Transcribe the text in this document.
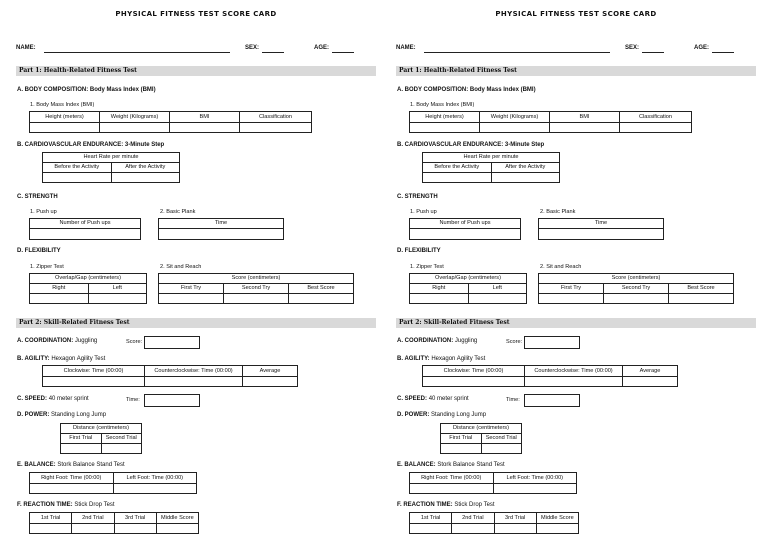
PHYSICAL FITNESS TEST SCORE CARD
NAME:	SEX:	AGE:
Part 1: Health-Related Fitness Test
A. BODY COMPOSITION: Body Mass Index (BMI)
1. Body Mass Index (BMI)
Height (meters)	Weight (Kilograms)	BMI	Classification

B. CARDIOVASCULAR ENDURANCE: 3-Minute Step
Heart Rate per minute	
Before the Activity	After the Activity

C. STRENGTH
1. Push up
Number of Push ups

2. Basic Plank
Time

D. FLEXIBILITY
1. Zipper Test
Overlap/Gap (centimeters)	
Right	Left

2. Sit and Reach
Score (centimeters)		
First Try	Second Try	Best Score

Part 2: Skill-Related Fitness Test
A. COORDINATION: Juggling	Score:
B. AGILITY: Hexagon Agility Test
Clockwise: Time (00:00)	Counterclockwise: Time (00:00)	Average

C. SPEED: 40 meter sprint	Time:
D. POWER: Standing Long Jump
Distance (centimeters)	
First Trial	Second Trial

E. BALANCE: Stork Balance Stand Test
Right Foot: Time (00:00)	Left Foot: Time (00:00)

F. REACTION TIME: Stick Drop Test
1st Trial	2nd Trial	3rd Trial	Middle Score

PHYSICAL FITNESS TEST SCORE CARD
NAME:	SEX:	AGE:
Part 1: Health-Related Fitness Test
A. BODY COMPOSITION: Body Mass Index (BMI)
1. Body Mass Index (BMI)
Height (meters)	Weight (Kilograms)	BMI	Classification

B. CARDIOVASCULAR ENDURANCE: 3-Minute Step
Heart Rate per minute	
Before the Activity	After the Activity

C. STRENGTH
1. Push up
Number of Push ups

2. Basic Plank
Time

D. FLEXIBILITY
1. Zipper Test
Overlap/Gap (centimeters)	
Right	Left

2. Sit and Reach
Score (centimeters)		
First Try	Second Try	Best Score

Part 2: Skill-Related Fitness Test
A. COORDINATION: Juggling	Score:
B. AGILITY: Hexagon Agility Test
Clockwise: Time (00:00)	Counterclockwise: Time (00:00)	Average

C. SPEED: 40 meter sprint	Time:
D. POWER: Standing Long Jump
Distance (centimeters)	
First Trial	Second Trial

E. BALANCE: Stork Balance Stand Test
Right Foot: Time (00:00)	Left Foot: Time (00:00)

F. REACTION TIME: Stick Drop Test
1st Trial	2nd Trial	3rd Trial	Middle Score
